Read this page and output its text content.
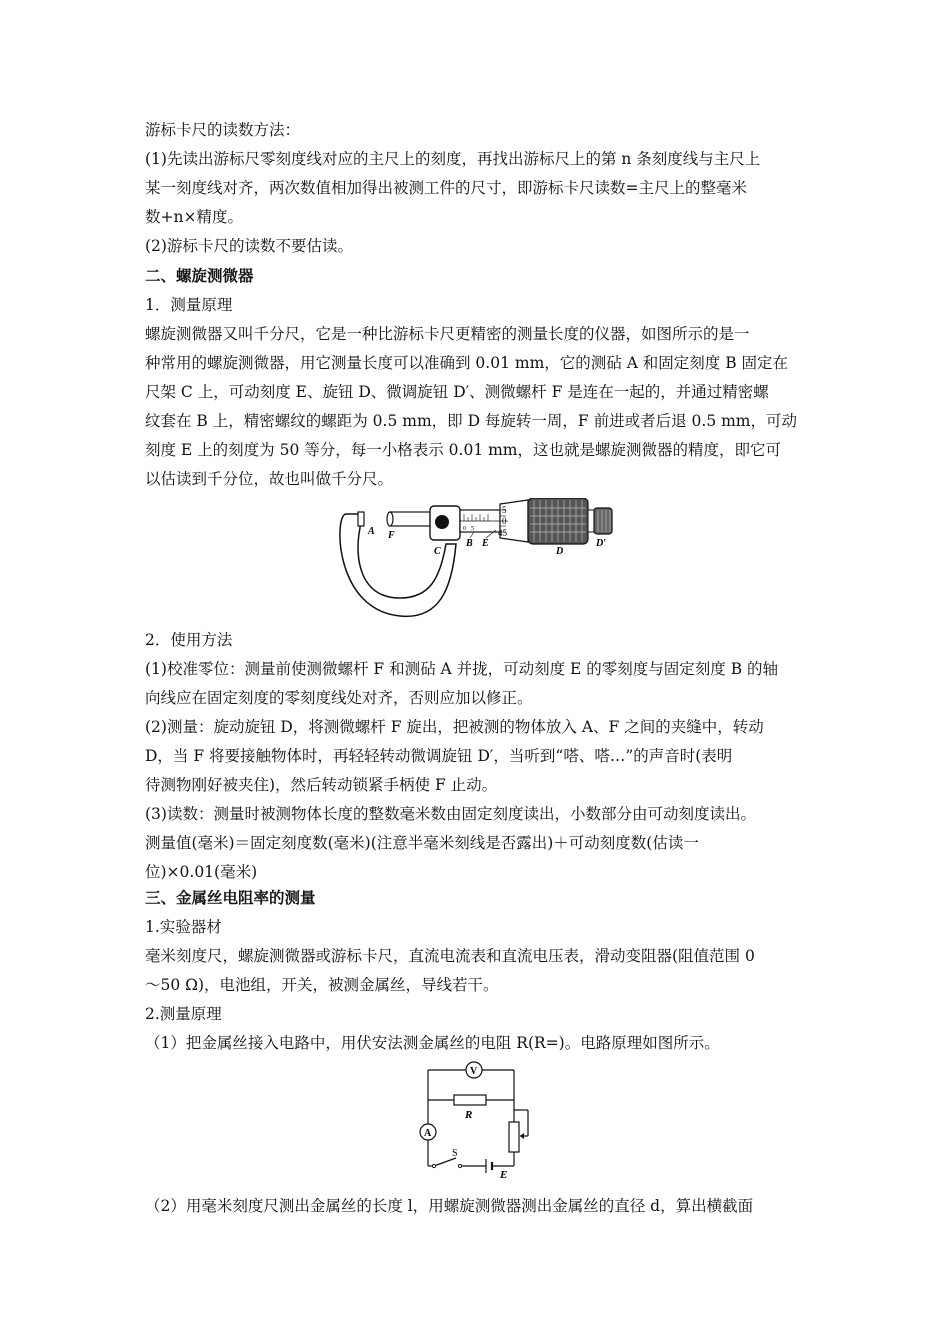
游标卡尺的读数方法：

(1)先读出游标尺零刻度线对应的主尺上的刻度，再找出游标尺上的第 n 条刻度线与主尺上

某一刻度线对齐，两次数值相加得出被测工件的尺寸，即游标卡尺读数=主尺上的整毫米

数+n×精度。

(2)游标卡尺的读数不要估读。

二、螺旋测微器

1．测量原理

螺旋测微器又叫千分尺，它是一种比游标卡尺更精密的测量长度的仪器，如图所示的是一

种常用的螺旋测微器，用它测量长度可以准确到 0.01 mm，它的测砧 A 和固定刻度 B 固定在

尺架 C 上，可动刻度 E、旋钮 D、微调旋钮 D′、测微螺杆 F 是连在一起的，并通过精密螺

纹套在 B 上，精密螺纹的螺距为 0.5 mm，即 D 每旋转一周，F 前进或者后退 0.5 mm，可动

刻度 E 上的刻度为 50 等分，每一小格表示 0.01 mm，这也就是螺旋测微器的精度，即它可

以估读到千分位，故也叫做千分尺。

0 5
5
0
45
A F
C
B E
D
D′

2．使用方法

(1)校准零位：测量前使测微螺杆 F 和测砧 A 并拢，可动刻度 E 的零刻度与固定刻度 B 的轴

向线应在固定刻度的零刻度线处对齐，否则应加以修正。

(2)测量：旋动旋钮 D，将测微螺杆 F 旋出，把被测的物体放入 A、F 之间的夹缝中，转动

D，当 F 将要接触物体时，再轻轻转动微调旋钮 D′，当听到“嗒、嗒…”的声音时(表明

待测物刚好被夹住)，然后转动锁紧手柄使 F 止动。

(3)读数：测量时被测物体长度的整数毫米数由固定刻度读出，小数部分由可动刻度读出。

测量值(毫米)＝固定刻度数(毫米)(注意半毫米刻线是否露出)＋可动刻度数(估读一

位)×0.01(毫米)

三、金属丝电阻率的测量

1.实验器材

毫米刻度尺，螺旋测微器或游标卡尺，直流电流表和直流电压表，滑动变阻器(阻值范围 0

～50 Ω)，电池组，开关，被测金属丝，导线若干。

2.测量原理

（1）把金属丝接入电路中，用伏安法测金属丝的电阻 R(R=)。电路原理如图所示。

V
A
R
S
E

（2）用毫米刻度尺测出金属丝的长度 l，用螺旋测微器测出金属丝的直径 d，算出横截面
